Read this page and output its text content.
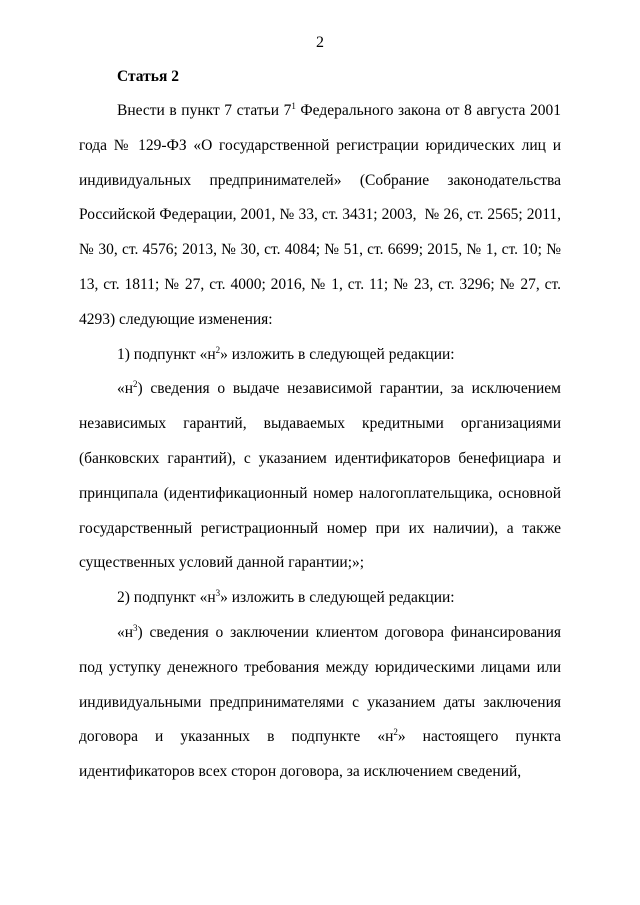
2
Статья 2

Внести в пункт 7 статьи $7^1$ Федерального закона от 8 августа 2001 года № 129-ФЗ «О государственной регистрации юридических лиц и индивидуальных предпринимателей» (Собрание законодательства Российской Федерации, 2001, № 33, ст. 3431; 2003, № 26, ст. 2565; 2011, № 30, ст. 4576; 2013, № 30, ст. 4084; № 51, ст. 6699; 2015, № 1, ст. 10; № 13, ст. 1811; № 27, ст. 4000; 2016, № 1, ст. 11; № 23, ст. 3296; № 27, ст. 4293) следующие изменения:

1) подпункт «$н^2$» изложить в следующей редакции:

«$н^2$) сведения о выдаче независимой гарантии, за исключением независимых гарантий, выдаваемых кредитными организациями (банковских гарантий), с указанием идентификаторов бенефициара и принципала (идентификационный номер налогоплательщика, основной государственный регистрационный номер при их наличии), а также существенных условий данной гарантии;»;

2) подпункт «$н^3$» изложить в следующей редакции:

«$н^3$) сведения о заключении клиентом договора финансирования под уступку денежного требования между юридическими лицами или индивидуальными предпринимателями с указанием даты заключения договора и указанных в подпункте «$н^2$» настоящего пункта идентификаторов всех сторон договора, за исключением сведений,
